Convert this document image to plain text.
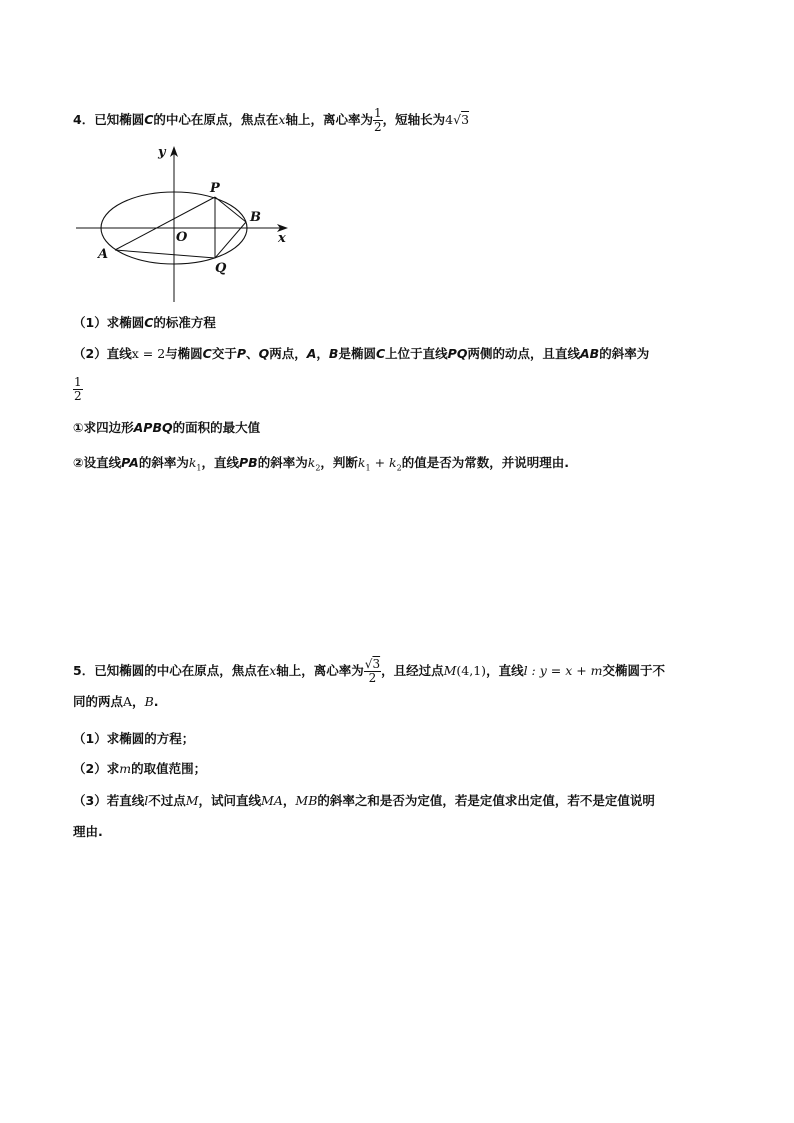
4．已知椭圆C的中心在原点，焦点在x轴上，离心率为 $\frac{1}{2}$ ，短轴长为4√3
y
x
O
P
B
A
Q
（1）求椭圆C的标准方程
（2）直线x = 2与椭圆C交于P、Q两点，A，B是椭圆C上位于直线PQ两侧的动点，且直线AB的斜率为
$\frac{1}{2}$
①求四边形APBQ的面积的最大值
②设直线PA的斜率为$k_1$，直线PB的斜率为$k_2$，判断$k_1 + k_2$的值是否为常数，并说明理由.
5．已知椭圆的中心在原点，焦点在x轴上，离心率为 $\frac{√3}{2}$ ，且经过点M(4,1)，直线l : y = x + m交椭圆于不
同的两点A，B.
（1）求椭圆的方程；
（2）求m的取值范围；
（3）若直线l不过点M，试问直线MA，MB的斜率之和是否为定值，若是定值求出定值，若不是定值说明
理由.
